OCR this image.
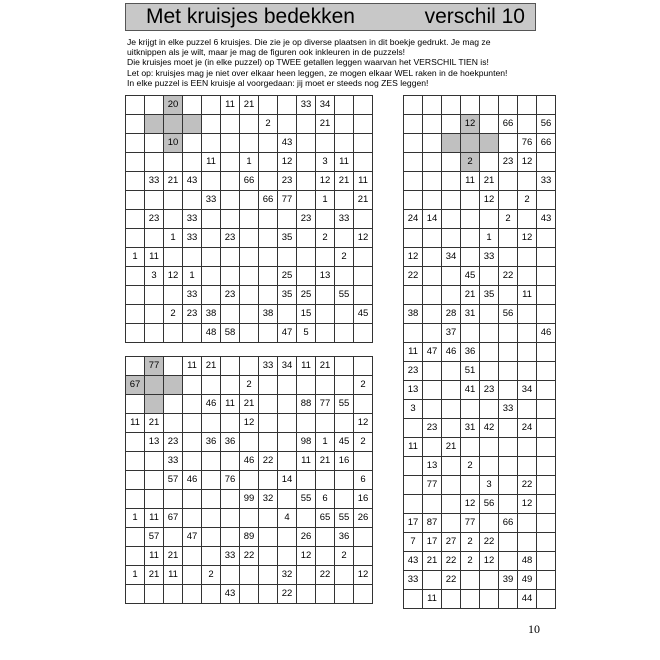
Met kruisjes bedekken	verschil 10
Je krijgt in elke puzzel 6 kruisjes. Die zie je op diverse plaatsen in dit boekje gedrukt. Je mag ze
uitknippen als je wilt, maar je mag de figuren ook inkleuren in de puzzels!
Die kruisjes moet je (in elke puzzel) op TWEE getallen leggen waarvan het VERSCHIL TIEN is!
Let op: kruisjes mag je niet over elkaar heen leggen, ze mogen elkaar WEL raken in de hoekpunten!
In elke puzzel is EEN kruisje al voorgedaan: jij moet er steeds nog ZES leggen!
		20			11	21			33	34		
							2			21		
		10						43				
				11		1		12		3	11	
	33	21	43			66		23		12	21	11
				33			66	77		1		21
	23		33						23		33	
		1	33		23			35		2		12
1	11										2	
	3	12	1					25		13		
			33		23			35	25		55	
		2	23	38			38		15			45
				48	58			47	5			

			12		66		56
						76	66
			2		23	12	
			11	21			33
				12		2	
24	14				2		43
				1		12	
12		34		33			
22			45		22		
			21	35		11	
38		28	31		56		
		37					46
11	47	46	36				
23			51				
13			41	23		34	
3					33		
	23		31	42		24	
11		21					
	13		2				
	77			3		22	
			12	56		12	
17	87		77		66		
7	17	27	2	22			
43	21	22	2	12		48	
33		22			39	49	
	11					44	
	77		11	21			33	34	11	21		
67						2						2
				46	11	21			88	77	55	
11	21					12						12
	13	23		36	36				98	1	45	2
		33				46	22		11	21	16	
		57	46		76			14				6
						99	32		55	6		16
1	11	67						4		65	55	26
	57		47			89			26		36	
	11	21			33	22			12		2	
1	21	11		2				32		22		12
					43			22				
10
